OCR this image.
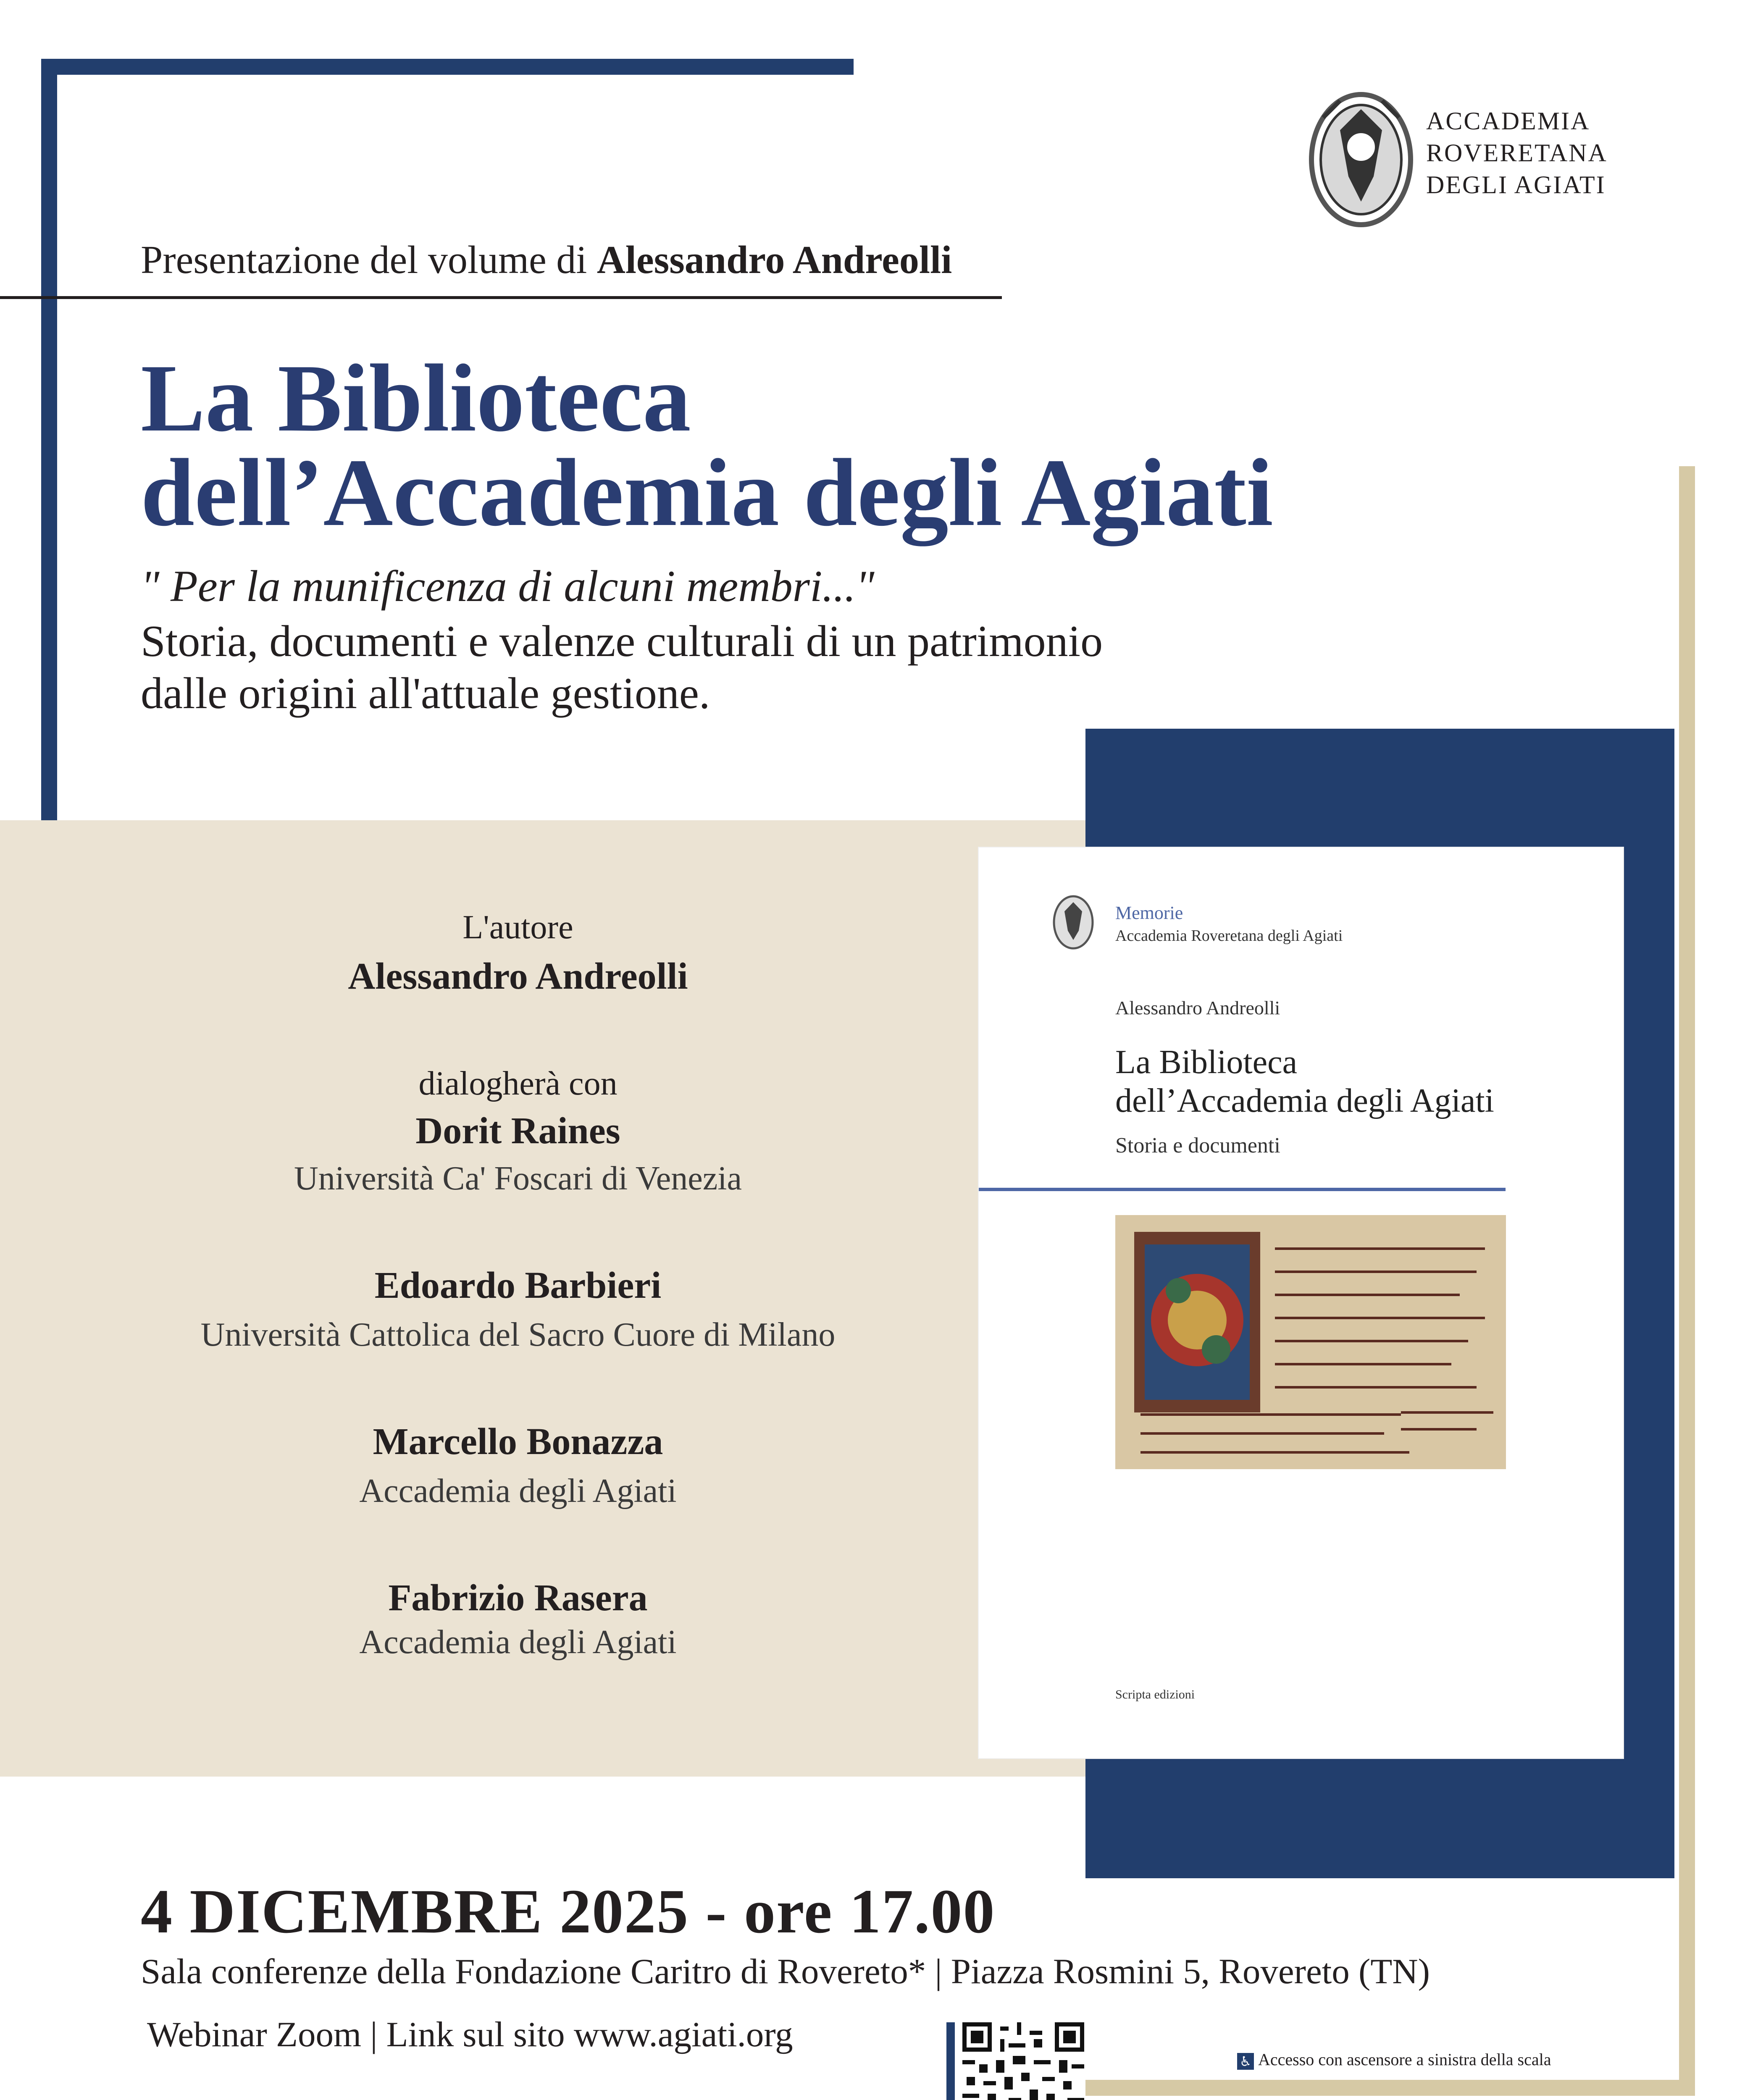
ACCADEMIA
ROVERETANA
DEGLI AGIATI
Presentazione del volume di Alessandro Andreolli
La Biblioteca
dell’Accademia degli Agiati
" Per la munificenza di alcuni membri..."
Storia, documenti e valenze culturali di un patrimonio
dalle origini all'attuale gestione.
L'autore
Alessandro Andreolli
dialogherà con
Dorit Raines
Università Ca' Foscari di Venezia
Edoardo Barbieri
Università Cattolica del Sacro Cuore di Milano
Marcello Bonazza
Accademia degli Agiati
Fabrizio Rasera
Accademia degli Agiati
Memorie
Accademia Roveretana degli Agiati
Alessandro Andreolli
La Biblioteca
dell’Accademia degli Agiati
Storia e documenti
Scripta edizioni
4 DICEMBRE 2025 - ore 17.00
Sala conferenze della Fondazione Caritro di Rovereto* | Piazza Rosmini 5, Rovereto (TN)
Webinar Zoom | Link sul sito www.agiati.org
♿ Accesso con ascensore a sinistra della scala
